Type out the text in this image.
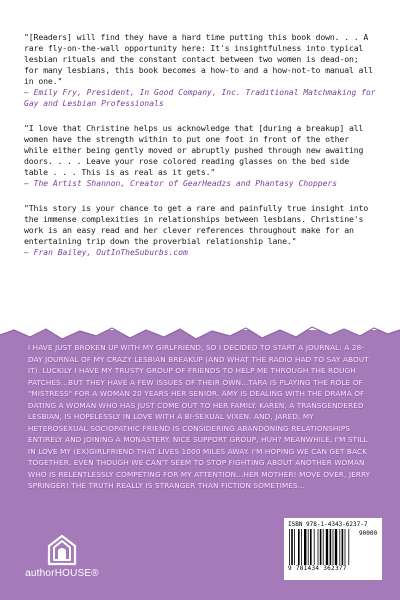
"[Readers] will find they have a hard time putting this book down. . . A rare fly-on-the-wall opportunity here: It's insightfulness into typical lesbian rituals and the constant contact between two women is dead-on; for many lesbians, this book becomes a how-to and a how-not-to manual all in one."

— Emily Fry, President, In Good Company, Inc. Traditional Matchmaking for Gay and Lesbian Professionals

"I love that Christine helps us acknowledge that [during a breakup] all women have the strength within to put one foot in front of the other while either being gently moved or abruptly pushed through new awaiting doors. . . . Leave your rose colored reading glasses on the bed side table . . . This is as real as it gets."

— The Artist Shannon, Creator of GearHeadzs and Phantasy Choppers

"This story is your chance to get a rare and painfully true insight into the immense complexities in relationships between lesbians. Christine's work is an easy read and her clever references throughout make for an entertaining trip down the proverbial relationship lane."

— Fran Bailey, OutInTheSuburbs.com

I HAVE JUST BROKEN UP WITH MY GIRLFRIEND, SO I DECIDED TO START A JOURNAL: A 28-DAY JOURNAL OF MY CRAZY LESBIAN BREAKUP (AND WHAT THE RADIO HAD TO SAY ABOUT IT). LUCKILY I HAVE MY TRUSTY GROUP OF FRIENDS TO HELP ME THROUGH THE ROUGH PATCHES...BUT THEY HAVE A FEW ISSUES OF THEIR OWN...TARA IS PLAYING THE ROLE OF "MISTRESS" FOR A WOMAN 20 YEARS HER SENIOR. AMY IS DEALING WITH THE DRAMA OF DATING A WOMAN WHO HAS JUST COME OUT TO HER FAMILY. KAREN, A TRANSGENDERED LESBIAN, IS HOPELESSLY IN LOVE WITH A BI-SEXUAL VIXEN. AND, JARED, MY HETEROSEXUAL SOCIOPATHIC FRIEND IS CONSIDERING ABANDONING RELATIONSHIPS ENTIRELY AND JOINING A MONASTERY. NICE SUPPORT GROUP, HUH? MEANWHILE, I'M STILL IN LOVE MY (EX)GIRLFRIEND THAT LIVES 1000 MILES AWAY. I'M HOPING WE CAN GET BACK TOGETHER, EVEN THOUGH WE CAN'T SEEM TO STOP FIGHTING ABOUT ANOTHER WOMAN WHO IS RELENTLESSLY COMPETING FOR MY ATTENTION...HER MOTHER! MOVE OVER, JERRY SPRINGER! THE TRUTH REALLY IS STRANGER THAN FICTION SOMETIMES...

authorHOUSE®
ISBN 978-1-4343-6237-7
90000
9 781434 362377
